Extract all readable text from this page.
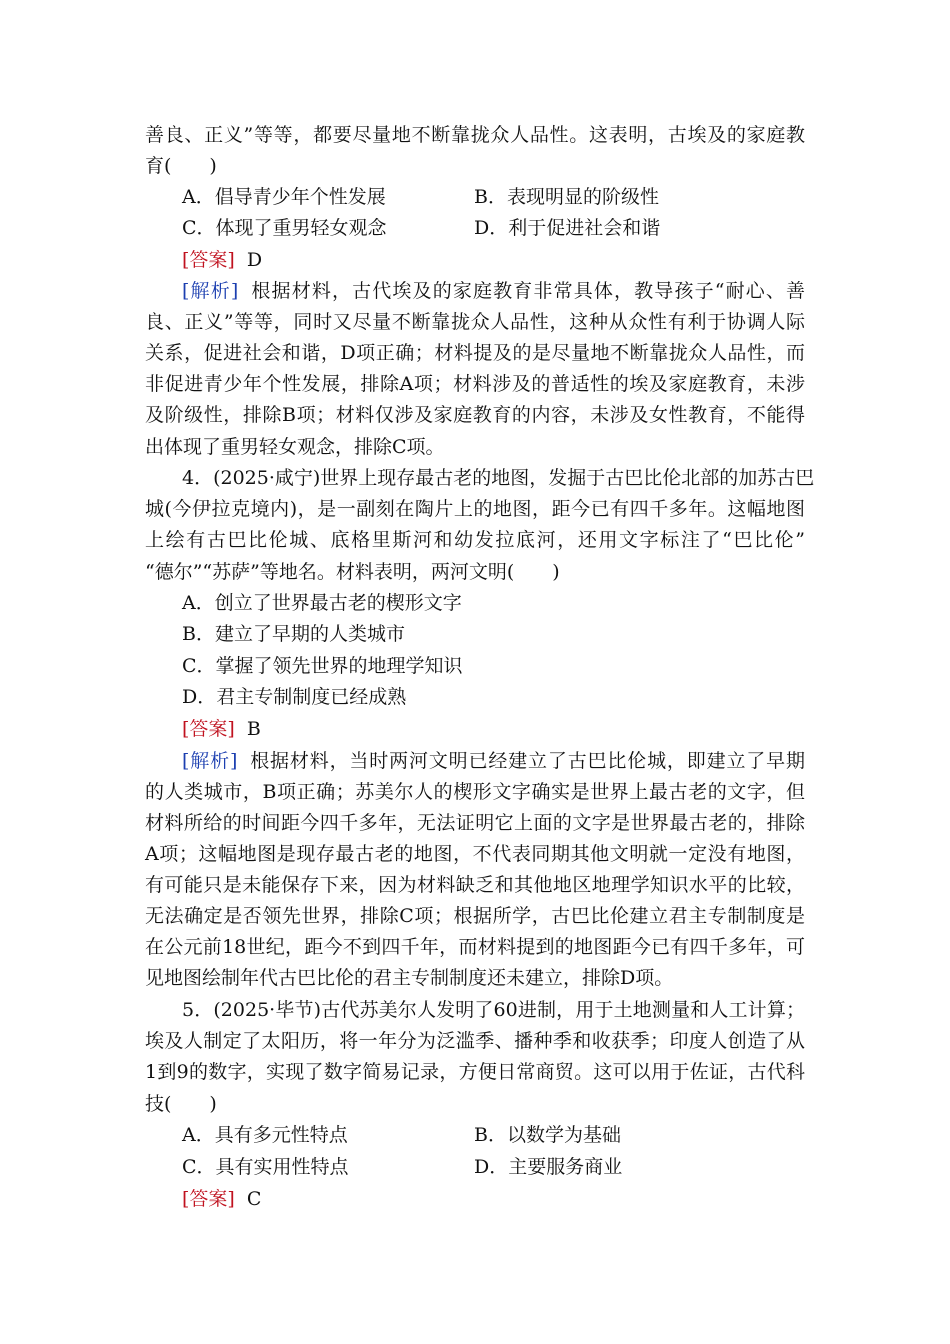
善良、正义”等等，都要尽量地不断靠拢众人品性。这表明，古埃及的家庭教
育(　　)
A．倡导青少年个性发展	B．表现明显的阶级性
C．体现了重男轻女观念	D．利于促进社会和谐
[答案] D
[解析] 根据材料，古代埃及的家庭教育非常具体，教导孩子“耐心、善
良、正义”等等，同时又尽量不断靠拢众人品性，这种从众性有利于协调人际
关系，促进社会和谐，D项正确；材料提及的是尽量地不断靠拢众人品性，而
非促进青少年个性发展，排除A项；材料涉及的普适性的埃及家庭教育，未涉
及阶级性，排除B项；材料仅涉及家庭教育的内容，未涉及女性教育，不能得
出体现了重男轻女观念，排除C项。
4．(2025·咸宁)世界上现存最古老的地图，发掘于古巴比伦北部的加苏古巴
城(今伊拉克境内)，是一副刻在陶片上的地图，距今已有四千多年。这幅地图
上绘有古巴比伦城、底格里斯河和幼发拉底河，还用文字标注了“巴比伦”
“德尔”“苏萨”等地名。材料表明，两河文明(　　)
A．创立了世界最古老的楔形文字
B．建立了早期的人类城市
C．掌握了领先世界的地理学知识
D．君主专制制度已经成熟
[答案] B
[解析] 根据材料，当时两河文明已经建立了古巴比伦城，即建立了早期
的人类城市，B项正确；苏美尔人的楔形文字确实是世界上最古老的文字，但
材料所给的时间距今四千多年，无法证明它上面的文字是世界最古老的，排除
A项；这幅地图是现存最古老的地图，不代表同期其他文明就一定没有地图，
有可能只是未能保存下来，因为材料缺乏和其他地区地理学知识水平的比较，
无法确定是否领先世界，排除C项；根据所学，古巴比伦建立君主专制制度是
在公元前18世纪，距今不到四千年，而材料提到的地图距今已有四千多年，可
见地图绘制年代古巴比伦的君主专制制度还未建立，排除D项。
5．(2025·毕节)古代苏美尔人发明了60进制，用于土地测量和人工计算；
埃及人制定了太阳历，将一年分为泛滥季、播种季和收获季；印度人创造了从
1到9的数字，实现了数字简易记录，方便日常商贸。这可以用于佐证，古代科
技(　　)
A．具有多元性特点	B．以数学为基础
C．具有实用性特点	D．主要服务商业
[答案] C
